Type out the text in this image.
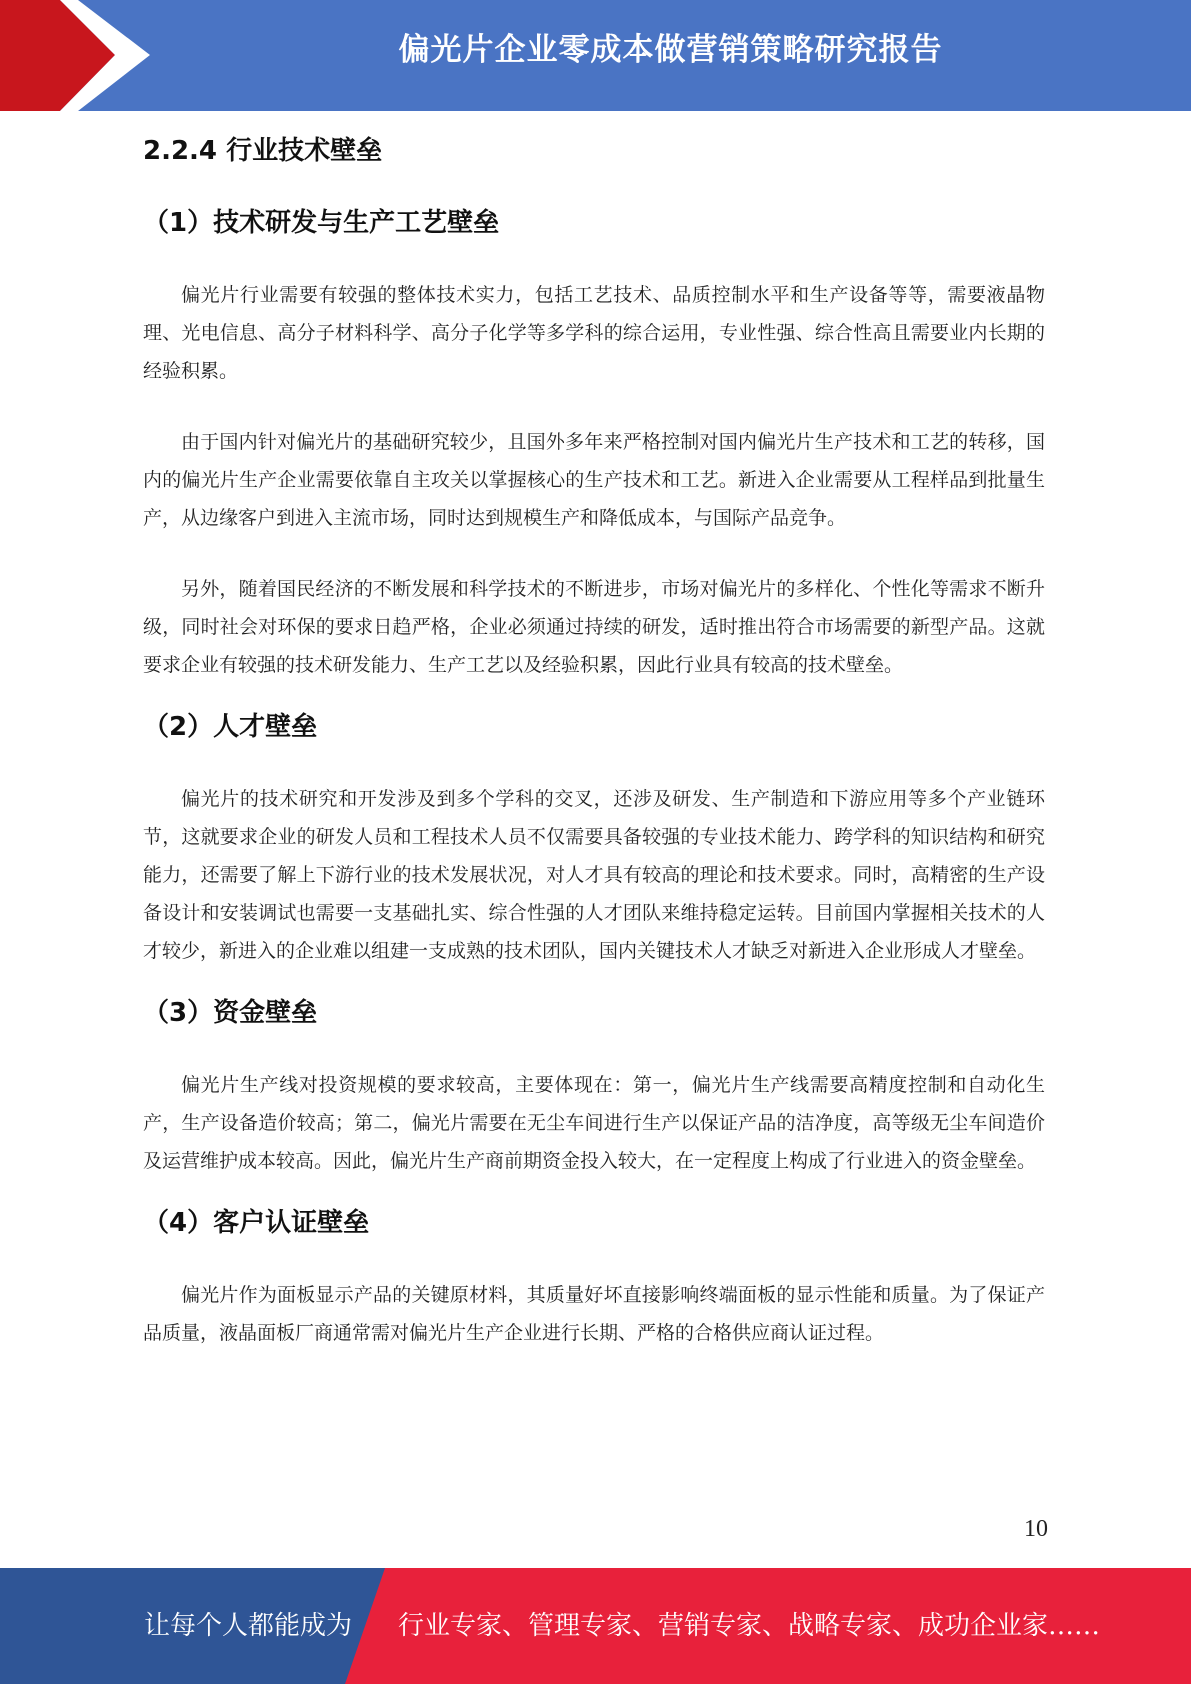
偏光片企业零成本做营销策略研究报告
2.2.4 行业技术壁垒
（1）技术研发与生产工艺壁垒

偏光片行业需要有较强的整体技术实力，包括工艺技术、品质控制水平和生产设备等等，需要液晶物理、光电信息、高分子材料科学、高分子化学等多学科的综合运用，专业性强、综合性高且需要业内长期的经验积累。

由于国内针对偏光片的基础研究较少，且国外多年来严格控制对国内偏光片生产技术和工艺的转移，国内的偏光片生产企业需要依靠自主攻关以掌握核心的生产技术和工艺。新进入企业需要从工程样品到批量生产，从边缘客户到进入主流市场，同时达到规模生产和降低成本，与国际产品竞争。

另外，随着国民经济的不断发展和科学技术的不断进步，市场对偏光片的多样化、个性化等需求不断升级，同时社会对环保的要求日趋严格，企业必须通过持续的研发，适时推出符合市场需要的新型产品。这就要求企业有较强的技术研发能力、生产工艺以及经验积累，因此行业具有较高的技术壁垒。

（2）人才壁垒

偏光片的技术研究和开发涉及到多个学科的交叉，还涉及研发、生产制造和下游应用等多个产业链环节，这就要求企业的研发人员和工程技术人员不仅需要具备较强的专业技术能力、跨学科的知识结构和研究能力，还需要了解上下游行业的技术发展状况，对人才具有较高的理论和技术要求。同时，高精密的生产设备设计和安装调试也需要一支基础扎实、综合性强的人才团队来维持稳定运转。目前国内掌握相关技术的人才较少，新进入的企业难以组建一支成熟的技术团队，国内关键技术人才缺乏对新进入企业形成人才壁垒。

（3）资金壁垒

偏光片生产线对投资规模的要求较高，主要体现在：第一，偏光片生产线需要高精度控制和自动化生产，生产设备造价较高；第二，偏光片需要在无尘车间进行生产以保证产品的洁净度，高等级无尘车间造价及运营维护成本较高。因此，偏光片生产商前期资金投入较大，在一定程度上构成了行业进入的资金壁垒。

（4）客户认证壁垒

偏光片作为面板显示产品的关键原材料，其质量好坏直接影响终端面板的显示性能和质量。为了保证产品质量，液晶面板厂商通常需对偏光片生产企业进行长期、严格的合格供应商认证过程。

10
让每个人都能成为 行业专家、管理专家、营销专家、战略专家、成功企业家……
